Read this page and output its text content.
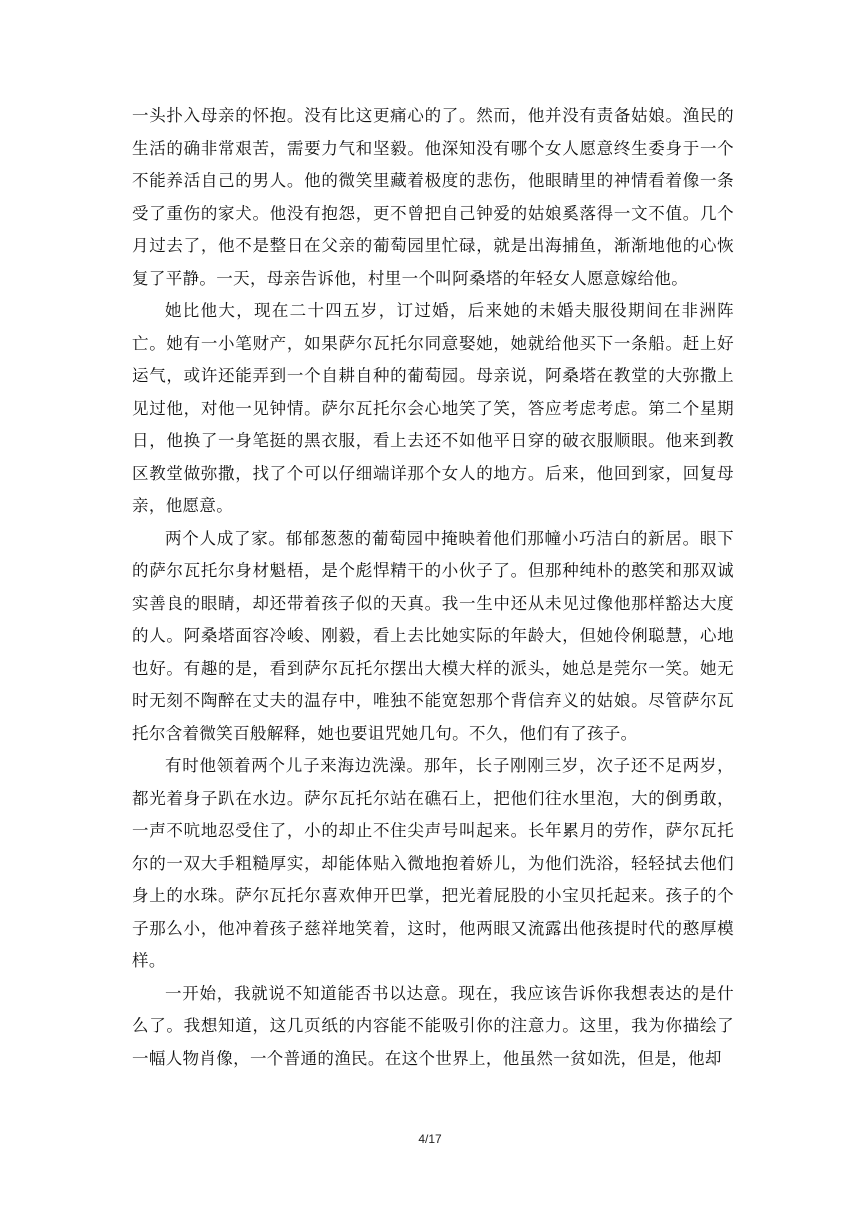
一头扑入母亲的怀抱。没有比这更痛心的了。然而，他并没有责备姑娘。渔民的生活的确非常艰苦，需要力气和坚毅。他深知没有哪个女人愿意终生委身于一个不能养活自己的男人。他的微笑里藏着极度的悲伤，他眼睛里的神情看着像一条受了重伤的家犬。他没有抱怨，更不曾把自己钟爱的姑娘奚落得一文不值。几个月过去了，他不是整日在父亲的葡萄园里忙碌，就是出海捕鱼，渐渐地他的心恢复了平静。一天，母亲告诉他，村里一个叫阿桑塔的年轻女人愿意嫁给他。

她比他大，现在二十四五岁，订过婚，后来她的未婚夫服役期间在非洲阵亡。她有一小笔财产，如果萨尔瓦托尔同意娶她，她就给他买下一条船。赶上好运气，或许还能弄到一个自耕自种的葡萄园。母亲说，阿桑塔在教堂的大弥撒上见过他，对他一见钟情。萨尔瓦托尔会心地笑了笑，答应考虑考虑。第二个星期日，他换了一身笔挺的黑衣服，看上去还不如他平日穿的破衣服顺眼。他来到教区教堂做弥撒，找了个可以仔细端详那个女人的地方。后来，他回到家，回复母亲，他愿意。

两个人成了家。郁郁葱葱的葡萄园中掩映着他们那幢小巧洁白的新居。眼下的萨尔瓦托尔身材魁梧，是个彪悍精干的小伙子了。但那种纯朴的憨笑和那双诚实善良的眼睛，却还带着孩子似的天真。我一生中还从未见过像他那样豁达大度的人。阿桑塔面容冷峻、刚毅，看上去比她实际的年龄大，但她伶俐聪慧，心地也好。有趣的是，看到萨尔瓦托尔摆出大模大样的派头，她总是莞尔一笑。她无时无刻不陶醉在丈夫的温存中，唯独不能宽恕那个背信弃义的姑娘。尽管萨尔瓦托尔含着微笑百般解释，她也要诅咒她几句。不久，他们有了孩子。

有时他领着两个儿子来海边洗澡。那年，长子刚刚三岁，次子还不足两岁，都光着身子趴在水边。萨尔瓦托尔站在礁石上，把他们往水里泡，大的倒勇敢，一声不吭地忍受住了，小的却止不住尖声号叫起来。长年累月的劳作，萨尔瓦托尔的一双大手粗糙厚实，却能体贴入微地抱着娇儿，为他们洗浴，轻轻拭去他们身上的水珠。萨尔瓦托尔喜欢伸开巴掌，把光着屁股的小宝贝托起来。孩子的个子那么小，他冲着孩子慈祥地笑着，这时，他两眼又流露出他孩提时代的憨厚模样。

一开始，我就说不知道能否书以达意。现在，我应该告诉你我想表达的是什么了。我想知道，这几页纸的内容能不能吸引你的注意力。这里，我为你描绘了一幅人物肖像，一个普通的渔民。在这个世界上，他虽然一贫如洗，但是，他却

4/17
